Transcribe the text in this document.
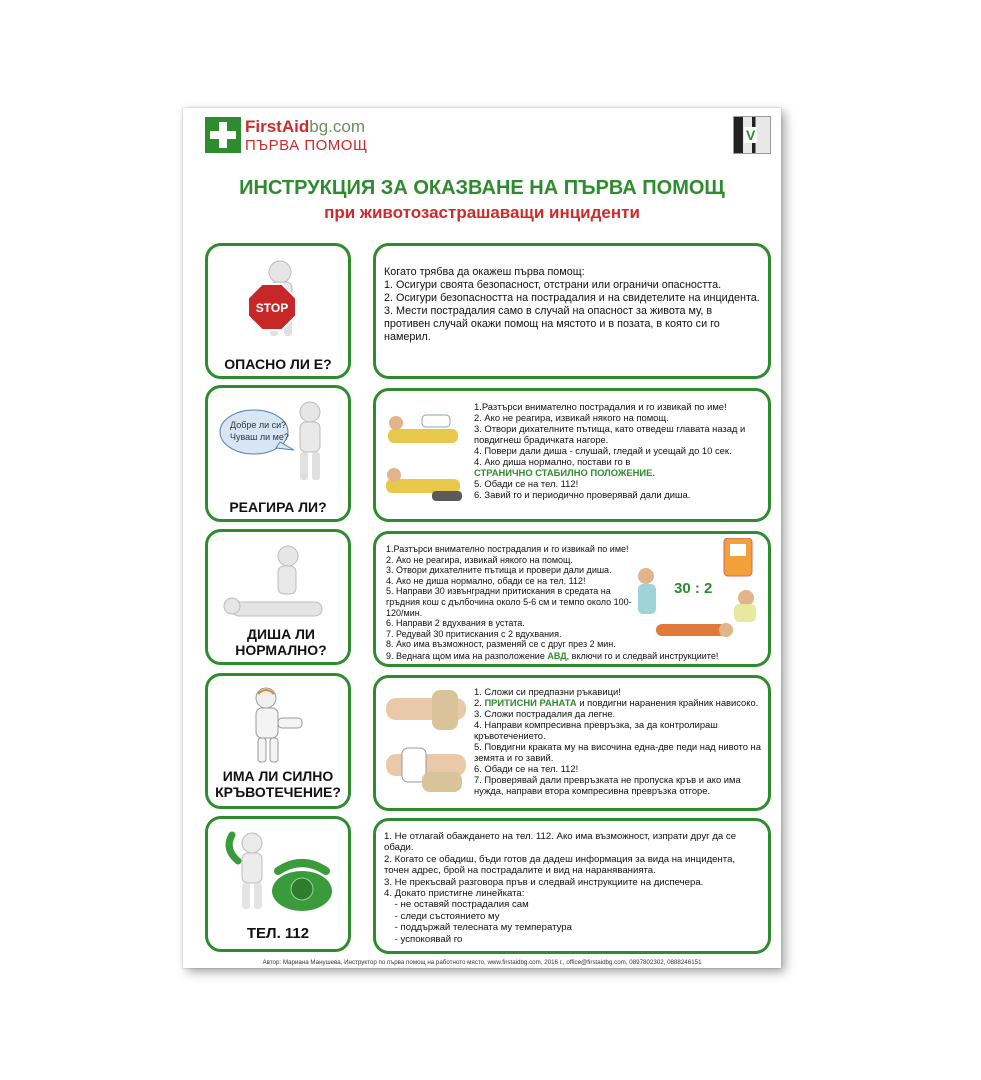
FirstAidbg.com
ПЪРВА ПОМОЩ
V
ИНСТРУКЦИЯ ЗА ОКАЗВАНЕ НА ПЪРВА ПОМОЩ
при животозастрашаващи инциденти
STOP
ОПАСНО ЛИ Е?
Когато трябва да окажеш първа помощ:
1. Осигури своята безопасност, отстрани или ограничи опасността.
2. Осигури безопасността на пострадалия и на свидетелите на инцидента.
3. Мести пострадалия само в случай на опасност за живота му, в противен случай окажи помощ на мястото и в позата, в която си го намерил.
Добре ли си?
Чуваш ли ме?
РЕАГИРА ЛИ?
1.Разтърси внимателно пострадалия и го извикай по име!
2. Ако не реагира, извикай някого на помощ.
3. Отвори дихателните пътища, като отведеш главата назад и повдигнеш брадичката нагоре.
4. Повери дали диша - слушай, гледай и усещай до 10 сек.
4. Ако диша нормално, постави го в
СТРАНИЧНО СТАБИЛНО ПОЛОЖЕНИЕ.
5. Обади се на тел. 112!
6. Завий го и периодично проверявай дали диша.
ДИША ЛИ НОРМАЛНО?
1.Разтърси внимателно пострадалия и го извикай по име!
2. Ако не реагира, извикай някого на помощ.
3. Отвори дихателните пътища и провери дали диша.
4. Ако не диша нормално, обади се на тел. 112!
5. Направи 30 извънградни притискания в средата на гръдния кош с дълбочина около 5-6 см и темпо около 100-120/мин.
6. Направи 2 вдухвания в устата.
7. Редувай 30 притискания с 2 вдухвания.
8. Ако имa възможност, разменяй се с друг през 2 мин.
9. Веднага щом има на разположение АВД, включи го и следвай инструкциите!
30 : 2
ИМА ЛИ СИЛНО КРЪВОТЕЧЕНИЕ?
1. Сложи си предпазни ръкавици!
2. ПРИТИСНИ РАНАТА и повдигни наранения крайник нависоко.
3. Сложи пострадалия да легне.
4. Направи компресивна превръзка, за да контролираш кръвотечението.
5. Повдигни краката му на височина една-две педи над нивото на земята и го завий.
6. Обади се на тел. 112!
7. Проверявай дали превръзката не пропуска кръв и ако има нужда, направи втора компресивна превръзка отгоре.
ТЕЛ. 112
1. Не отлагай обаждането на тел. 112. Ако има възможност, изпрати друг да се обади.
2. Когато се обадиш, бъди готов да дадеш информация за вида на инцидента, точен адрес, брой на пострадалите и вид на нараняванията.
3. Не прекъсвай разговора пръв и следвай инструкциите на диспечера.
4. Докато пристигне линейката:
- не оставяй пострадалия сам
- следи състоянието му
- поддържай телесната му температура
- успокоявай го
Автор: Мариана Манушева, Инструктор по първа помощ на работното място, www.firstaidbg.com, 2016 г., office@firstaidbg.com, 0897802302, 0888246151
